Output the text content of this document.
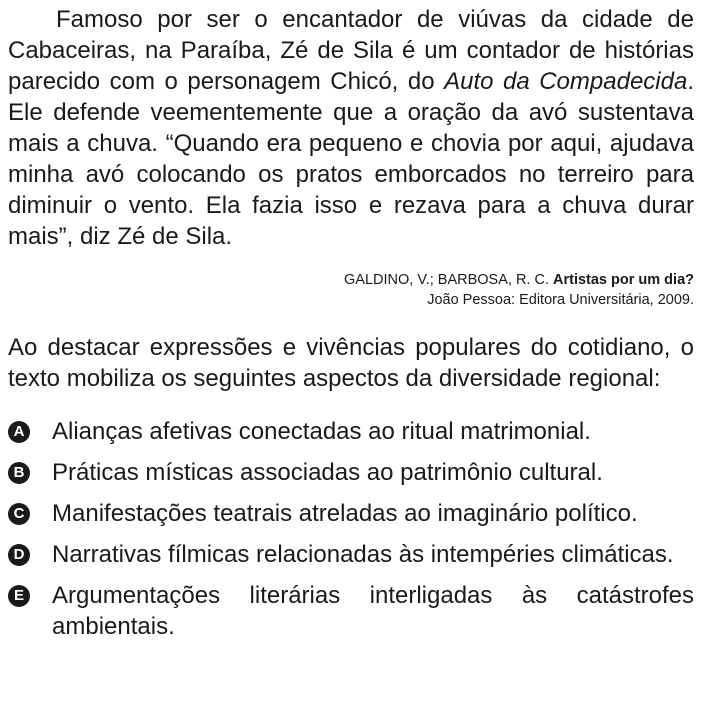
Famoso por ser o encantador de viúvas da cidade de Cabaceiras, na Paraíba, Zé de Sila é um contador de histórias parecido com o personagem Chicó, do Auto da Compadecida. Ele defende veementemente que a oração da avó sustentava mais a chuva. “Quando era pequeno e chovia por aqui, ajudava minha avó colocando os pratos emborcados no terreiro para diminuir o vento. Ela fazia isso e rezava para a chuva durar mais”, diz Zé de Sila.

GALDINO, V.; BARBOSA, R. C. Artistas por um dia?
João Pessoa: Editora Universitária, 2009.

Ao destacar expressões e vivências populares do cotidiano, o texto mobiliza os seguintes aspectos da diversidade regional:

A Alianças afetivas conectadas ao ritual matrimonial.
B Práticas místicas associadas ao patrimônio cultural.
C Manifestações teatrais atreladas ao imaginário político.
D Narrativas fílmicas relacionadas às intempéries climáticas.
E Argumentações literárias interligadas às catástrofes ambientais.
